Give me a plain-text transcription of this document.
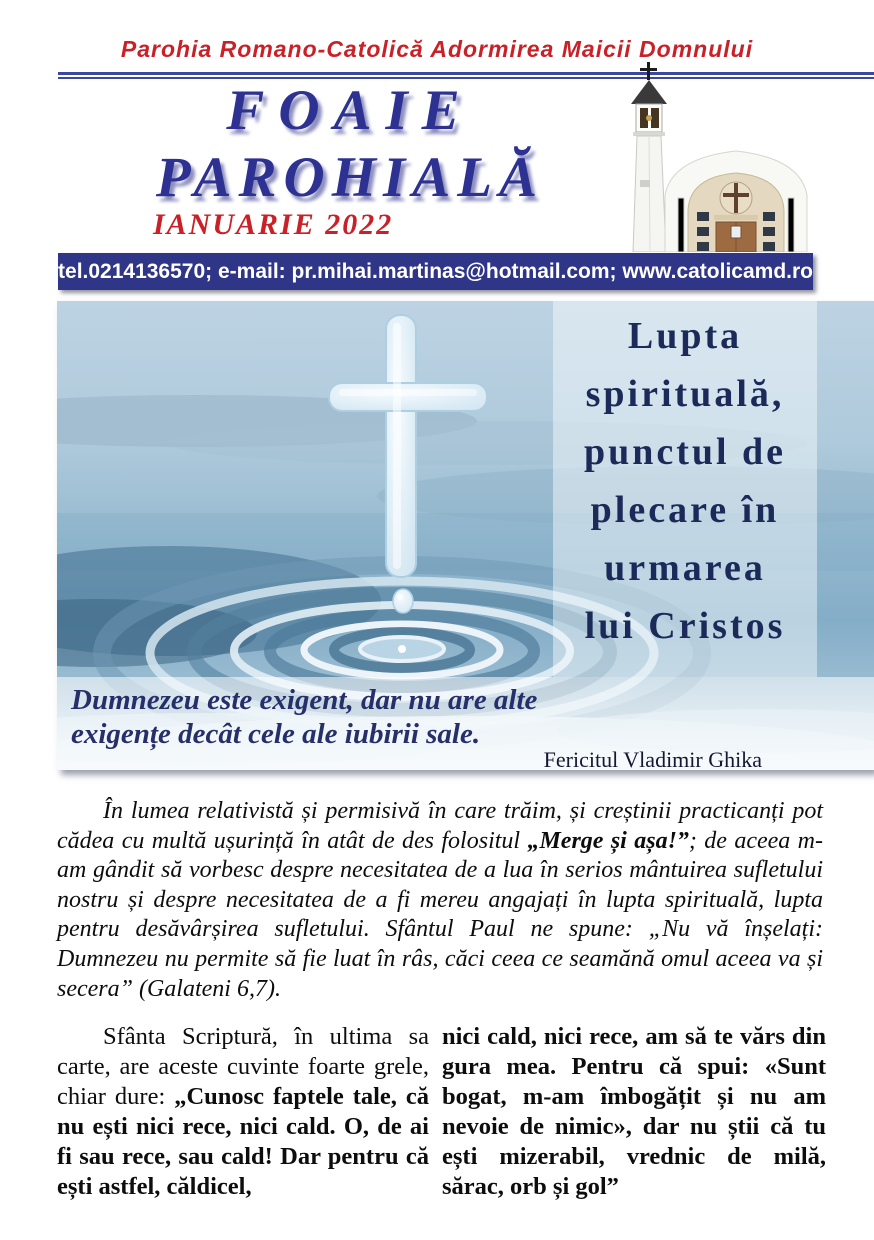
Parohia Romano-Catolică Adormirea Maicii Domnului
FOAIE
PAROHIALĂ
IANUARIE 2022
tel.0214136570; e-mail: pr.mihai.martinas@hotmail.com; www.catolicamd.ro
Lupta
spirituală,
punctul de
plecare în
urmarea
lui Cristos
Dumnezeu este exigent, dar nu are alte
exigențe decât cele ale iubirii sale.
Fericitul Vladimir Ghika
În lumea relativistă și permisivă în care trăim, și creștinii practicanți pot cădea cu multă ușurință în atât de des folositul „Merge și așa!”; de aceea m-am gândit să vorbesc despre necesitatea de a lua în serios mântuirea sufletului nostru și despre necesitatea de a fi mereu angajați în lupta spirituală, lupta pentru desăvârșirea sufletului. Sfântul Paul ne spune: „Nu vă înșelați: Dumnezeu nu permite să fie luat în râs, căci ceea ce seamănă omul aceea va și secera” (Galateni 6,7).
Sfânta Scriptură, în ultima sa carte, are aceste cuvinte foarte grele, chiar dure: „Cunosc faptele tale, că nu ești nici rece, nici cald. O, de ai fi sau rece, sau cald! Dar pentru că ești astfel, căldicel,
nici cald, nici rece, am să te vărs din gura mea. Pentru că spui: «Sunt bogat, m-am îmbogățit și nu am nevoie de nimic», dar nu știi că tu ești mizerabil, vrednic de milă, sărac, orb și gol”
